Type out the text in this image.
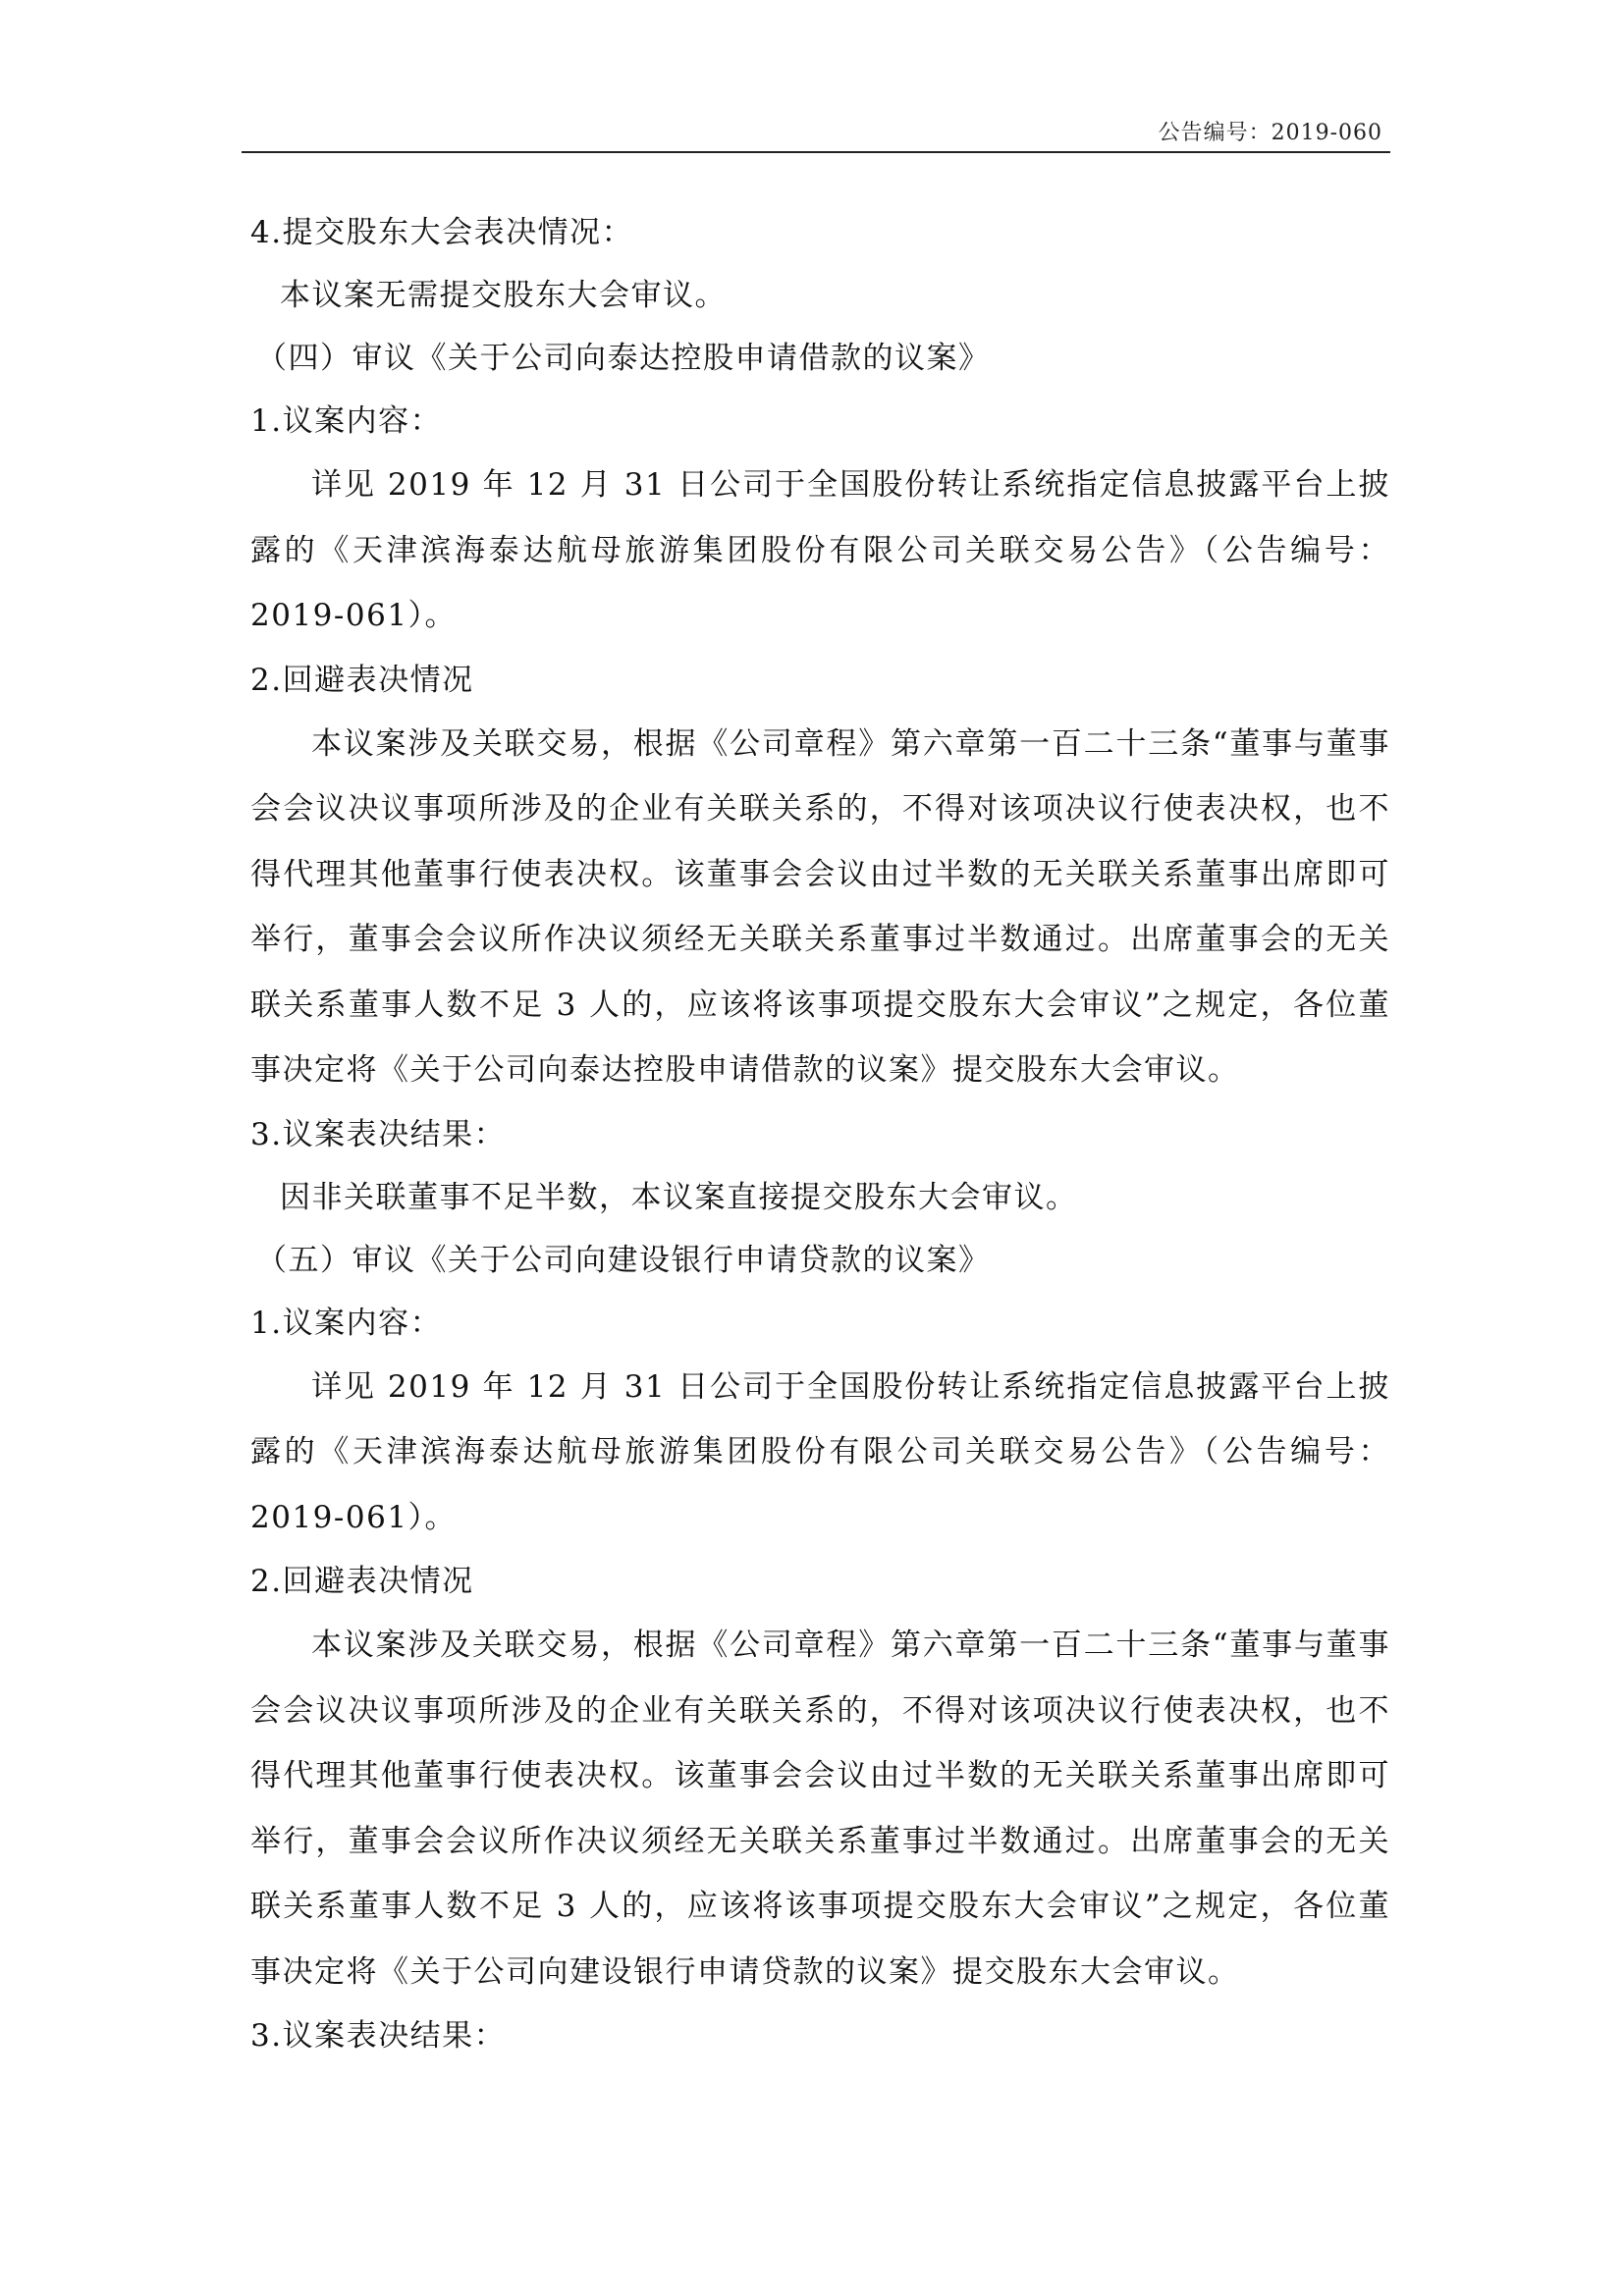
公告编号：2019-060

4.提交股东大会表决情况：

本议案无需提交股东大会审议。

（四）审议《关于公司向泰达控股申请借款的议案》

1.议案内容：

详见 2019 年 12 月 31 日公司于全国股份转让系统指定信息披露平台上披露的《天津滨海泰达航母旅游集团股份有限公司关联交易公告》（公告编号：2019-061）。

2.回避表决情况

本议案涉及关联交易，根据《公司章程》第六章第一百二十三条“董事与董事会会议决议事项所涉及的企业有关联关系的，不得对该项决议行使表决权，也不得代理其他董事行使表决权。该董事会会议由过半数的无关联关系董事出席即可举行，董事会会议所作决议须经无关联关系董事过半数通过。出席董事会的无关联关系董事人数不足 3 人的，应该将该事项提交股东大会审议”之规定，各位董事决定将《关于公司向泰达控股申请借款的议案》提交股东大会审议。

3.议案表决结果：

因非关联董事不足半数，本议案直接提交股东大会审议。

（五）审议《关于公司向建设银行申请贷款的议案》

1.议案内容：

详见 2019 年 12 月 31 日公司于全国股份转让系统指定信息披露平台上披露的《天津滨海泰达航母旅游集团股份有限公司关联交易公告》（公告编号：2019-061）。

2.回避表决情况

本议案涉及关联交易，根据《公司章程》第六章第一百二十三条“董事与董事会会议决议事项所涉及的企业有关联关系的，不得对该项决议行使表决权，也不得代理其他董事行使表决权。该董事会会议由过半数的无关联关系董事出席即可举行，董事会会议所作决议须经无关联关系董事过半数通过。出席董事会的无关联关系董事人数不足 3 人的，应该将该事项提交股东大会审议”之规定，各位董事决定将《关于公司向建设银行申请贷款的议案》提交股东大会审议。

3.议案表决结果：
